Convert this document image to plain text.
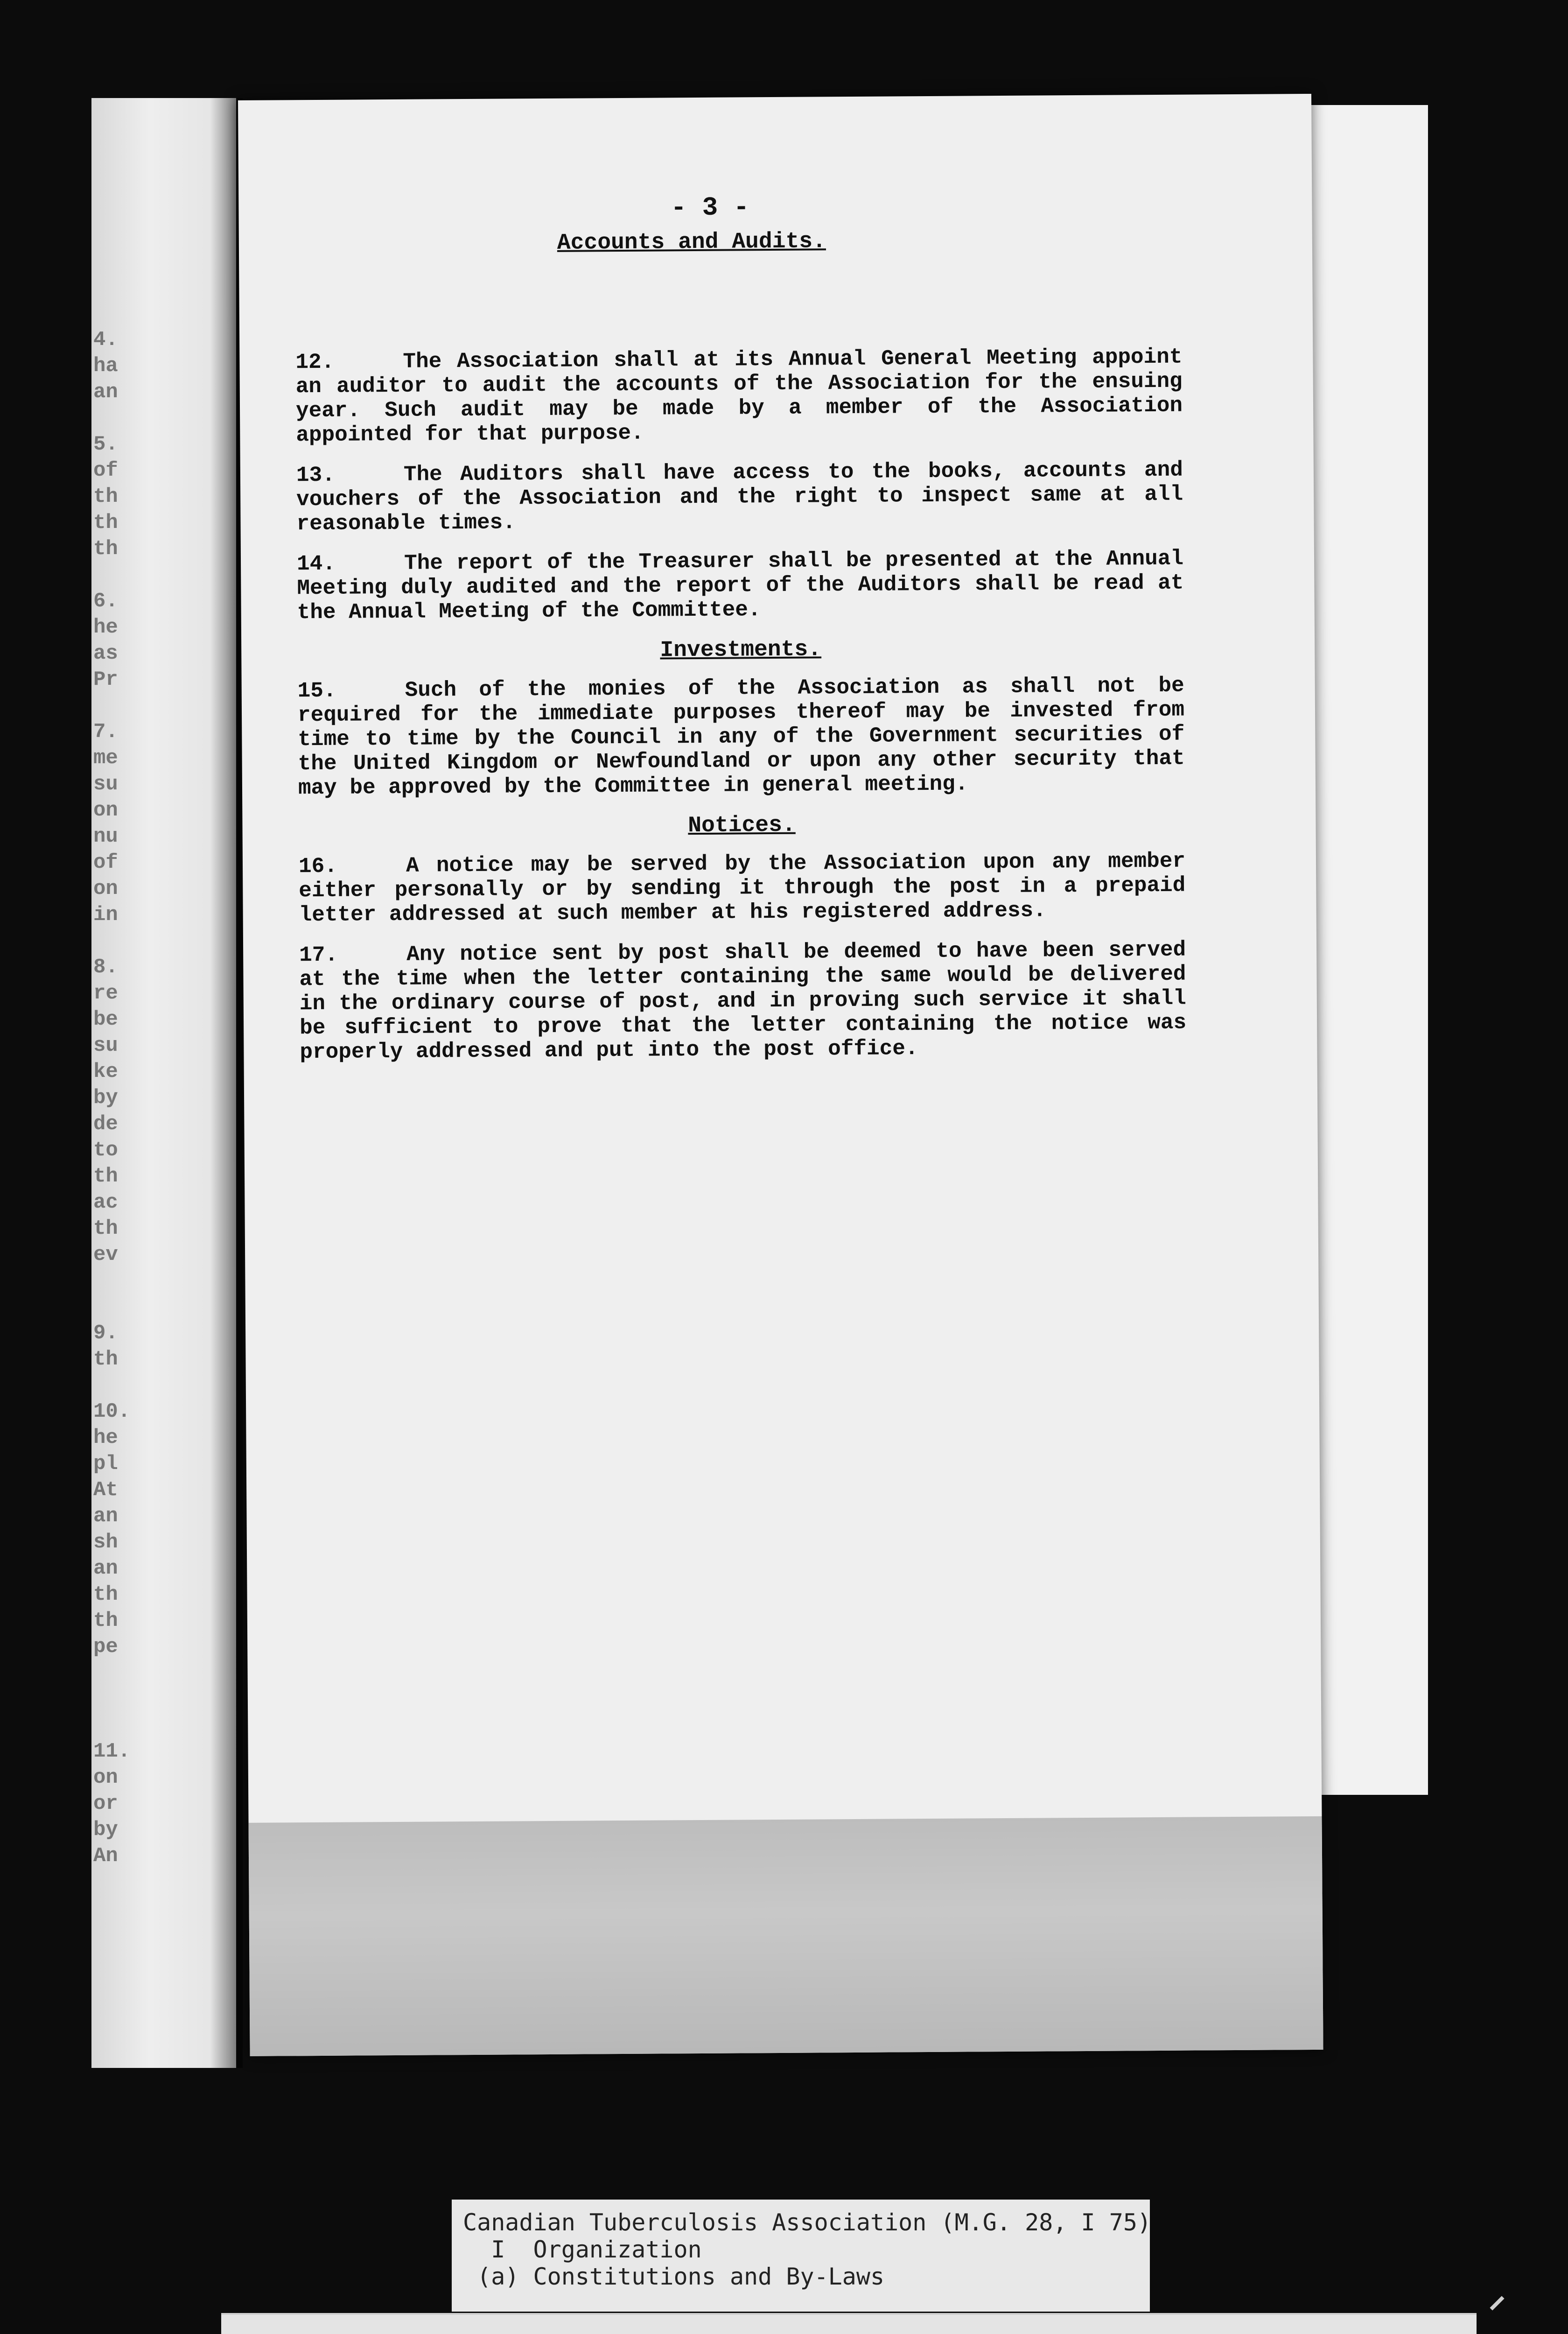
4.
ha
an

5.
of
th
th
th

6.
he
as
Pr

7.
me
su
on
nu
of
on
in

8.
re
be
su
ke
by
de
to
th
ac
th
ev

9.
th

10.
he
pl
At
an
sh
an
th
th
pe

11.
on
or
by
An
- 3 -

Accounts and Audits.

12.	The Association shall at its Annual General Meeting appoint an auditor to audit the accounts of the Association for the ensuing year. Such audit may be made by a member of the Association appointed for that purpose.

13.	The Auditors shall have access to the books, accounts and vouchers of the Association and the right to inspect same at all reasonable times.

14.	The report of the Treasurer shall be presented at the Annual Meeting duly audited and the report of the Auditors shall be read at the Annual Meeting of the Committee.

Investments.

15.	Such of the monies of the Association as shall not be required for the immediate purposes thereof may be invested from time to time by the Council in any of the Government securities of the United Kingdom or Newfoundland or upon any other security that may be approved by the Committee in general meeting.

Notices.

16.	A notice may be served by the Association upon any member either personally or by sending it through the post in a prepaid letter addressed at such member at his registered address.

17.	Any notice sent by post shall be deemed to have been served at the time when the letter containing the same would be delivered in the ordinary course of post, and in proving such service it shall be sufficient to prove that the letter containing the notice was properly addressed and put into the post office.

Canadian Tuberculosis Association (M.G. 28, I 75)
I  Organization
(a) Constitutions and By-Laws
